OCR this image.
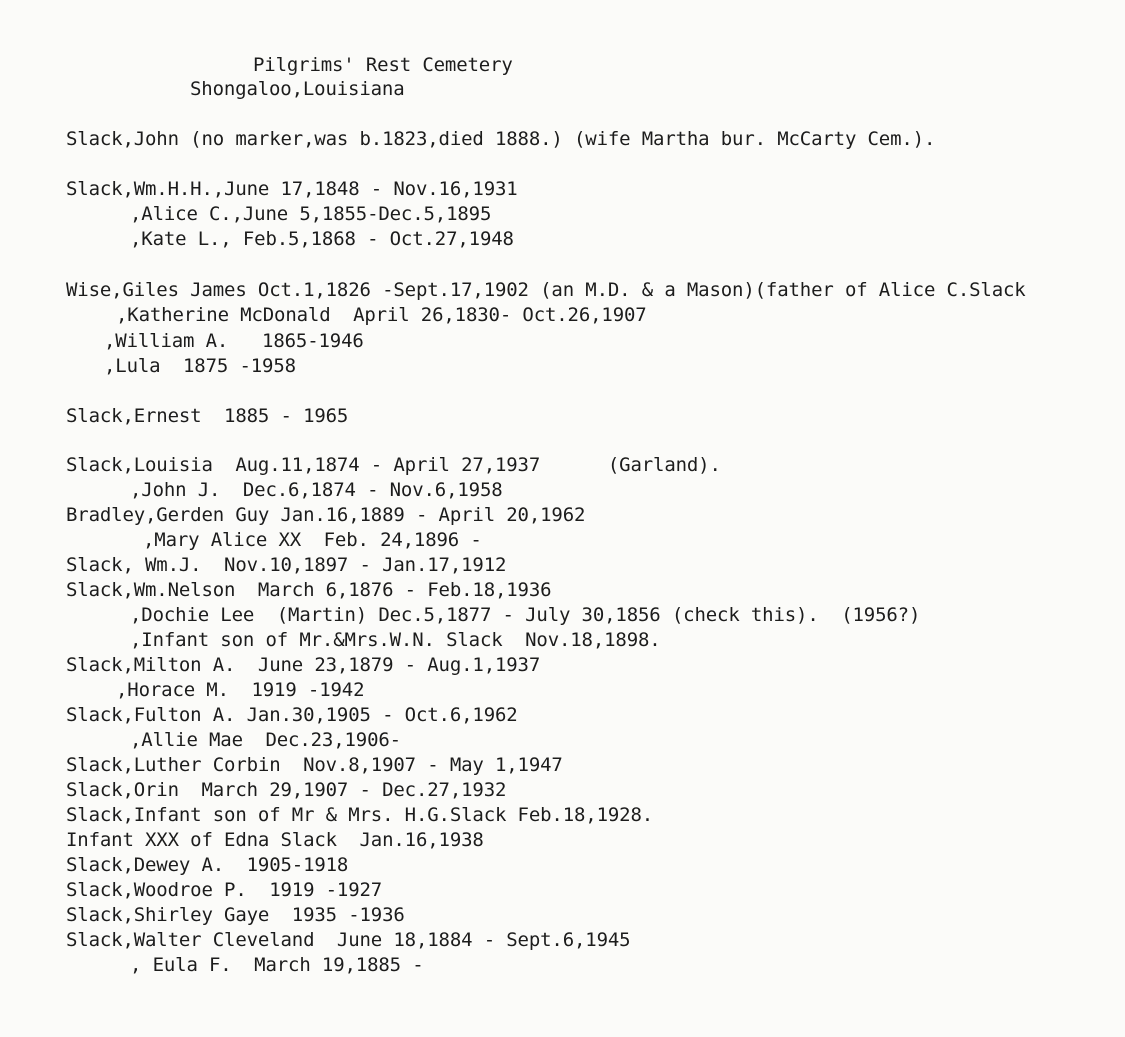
Pilgrims' Rest Cemetery
Shongaloo,Louisiana
Slack,John (no marker,was b.1823,died 1888.) (wife Martha bur. McCarty Cem.).
Slack,Wm.H.H.,June 17,1848 - Nov.16,1931
,Alice C.,June 5,1855-Dec.5,1895
,Kate L., Feb.5,1868 - Oct.27,1948
Wise,Giles James Oct.1,1826 -Sept.17,1902 (an M.D. & a Mason)(father of Alice C.Slack
,Katherine McDonald  April 26,1830- Oct.26,1907
,William A.   1865-1946
,Lula  1875 -1958
Slack,Ernest  1885 - 1965
Slack,Louisia  Aug.11,1874 - April 27,1937      (Garland).
,John J.  Dec.6,1874 - Nov.6,1958
Bradley,Gerden Guy Jan.16,1889 - April 20,1962
,Mary Alice XX  Feb. 24,1896 -
Slack, Wm.J.  Nov.10,1897 - Jan.17,1912
Slack,Wm.Nelson  March 6,1876 - Feb.18,1936
,Dochie Lee  (Martin) Dec.5,1877 - July 30,1856 (check this).  (1956?)
,Infant son of Mr.&Mrs.W.N. Slack  Nov.18,1898.
Slack,Milton A.  June 23,1879 - Aug.1,1937
,Horace M.  1919 -1942
Slack,Fulton A. Jan.30,1905 - Oct.6,1962
,Allie Mae  Dec.23,1906-
Slack,Luther Corbin  Nov.8,1907 - May 1,1947
Slack,Orin  March 29,1907 - Dec.27,1932
Slack,Infant son of Mr & Mrs. H.G.Slack Feb.18,1928.
Infant XXX of Edna Slack  Jan.16,1938
Slack,Dewey A.  1905-1918
Slack,Woodroe P.  1919 -1927
Slack,Shirley Gaye  1935 -1936
Slack,Walter Cleveland  June 18,1884 - Sept.6,1945
, Eula F.  March 19,1885 -
